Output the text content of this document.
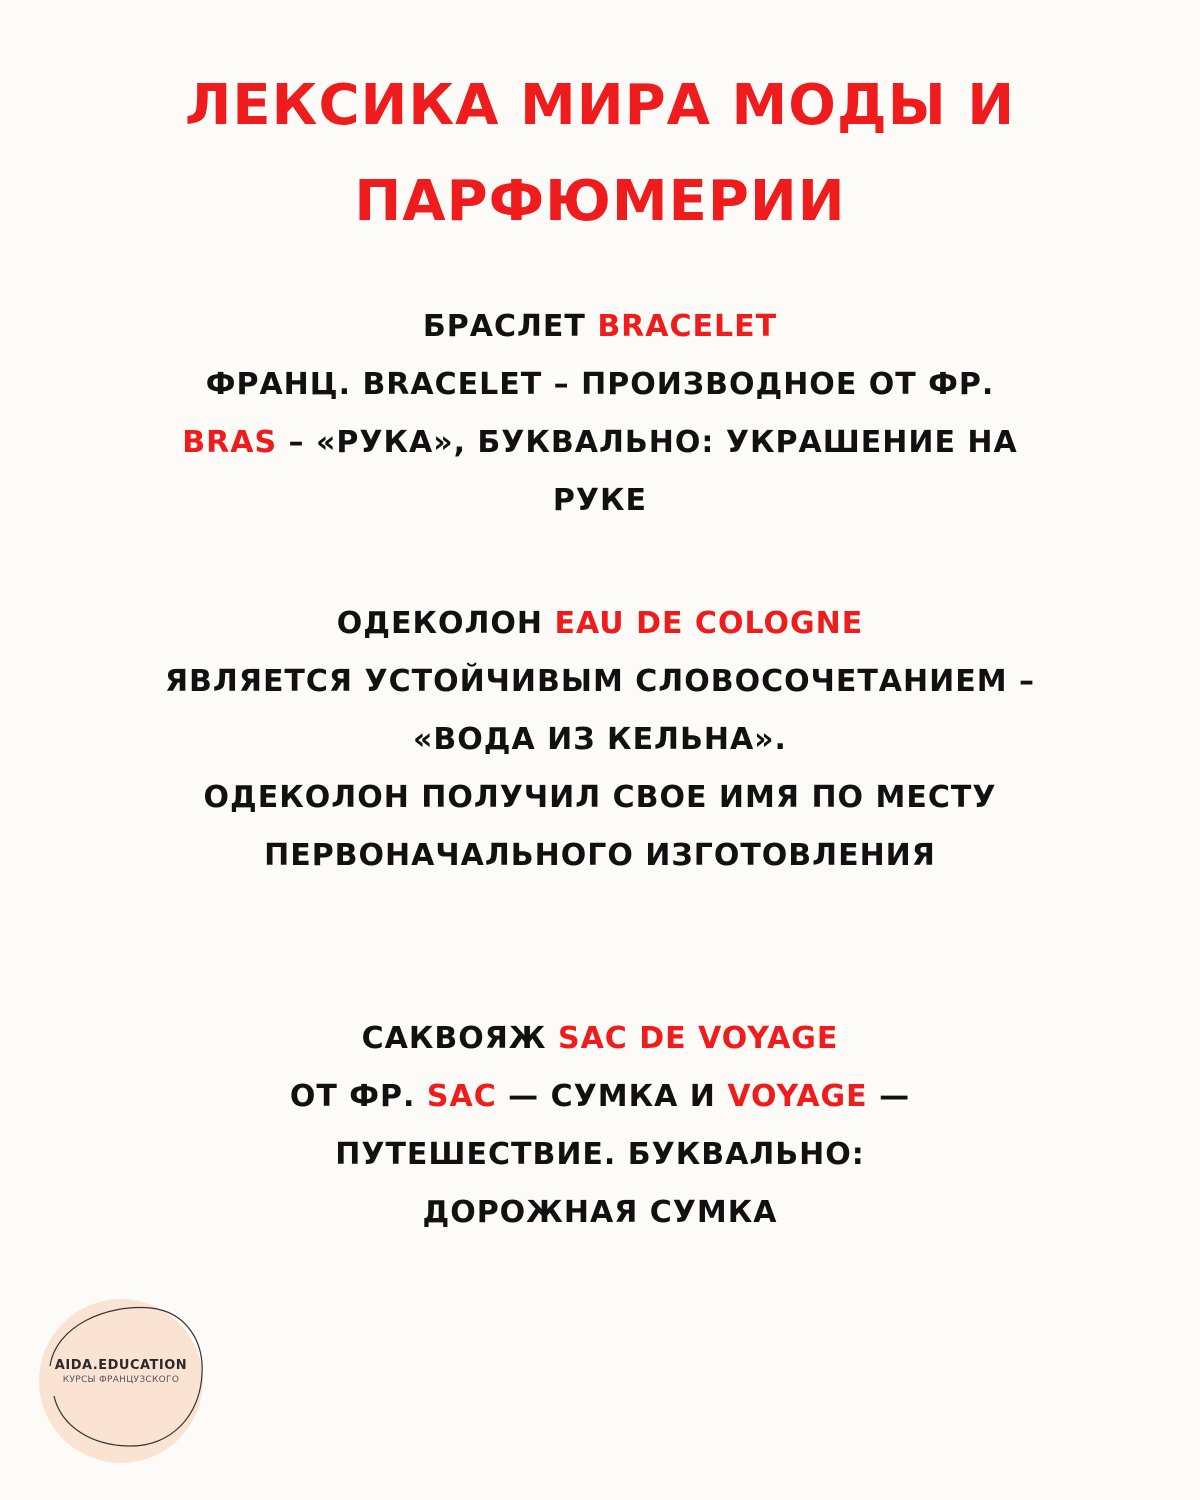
ЛЕКСИКА МИРА МОДЫ И
ПАРФЮМЕРИИ
БРАСЛЕТ BRACELET
ФРАНЦ. BRACELET – ПРОИЗВОДНОЕ ОТ ФР.
BRAS – «РУКА», БУКВАЛЬНО: УКРАШЕНИЕ НА
РУКЕ
ОДЕКОЛОН EAU DE COLOGNE
ЯВЛЯЕТСЯ УСТОЙЧИВЫМ СЛОВОСОЧЕТАНИЕМ –
«ВОДА ИЗ КЕЛЬНА».
ОДЕКОЛОН ПОЛУЧИЛ СВОЕ ИМЯ ПО МЕСТУ
ПЕРВОНАЧАЛЬНОГО ИЗГОТОВЛЕНИЯ
САКВОЯЖ SAC DE VOYAGE
ОТ ФР. SAC — СУМКА И VOYAGE —
ПУТЕШЕСТВИЕ. БУКВАЛЬНО:
ДОРОЖНАЯ СУМКА
AIDA.EDUCATION
КУРСЫ ФРАНЦУЗСКОГО
